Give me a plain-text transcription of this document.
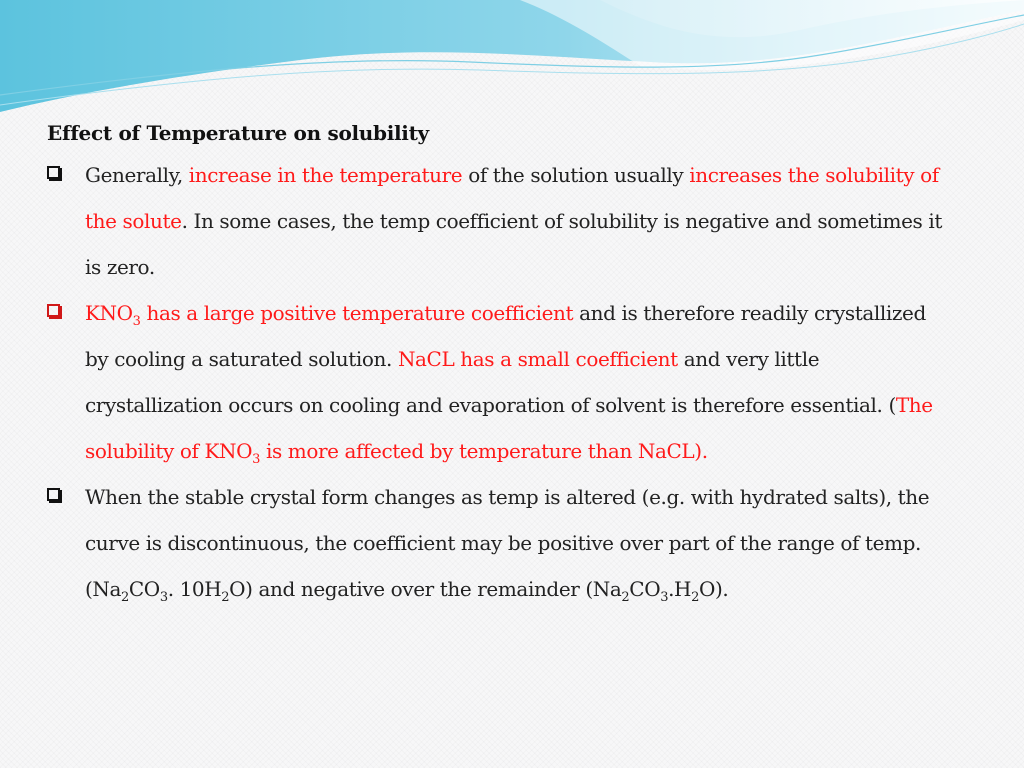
Effect of Temperature on solubility
Generally, increase in the temperature of the solution usually increases the solubility of the solute. In some cases, the temp coefficient of solubility is negative and sometimes it is zero.
$KNO_3$ has a large positive temperature coefficient and is therefore readily crystallized by cooling a saturated solution. NaCL has a small coefficient and very little crystallization occurs on cooling and evaporation of solvent is therefore essential. (The solubility of $KNO_3$ is more affected by temperature than NaCL).
When the stable crystal form changes as temp is altered (e.g. with hydrated salts), the curve is discontinuous, the coefficient may be positive over part of the range of temp. ($Na_2CO_3$. $10H_2O$) and negative over the remainder $(Na_2CO_3.H_2O)$.
